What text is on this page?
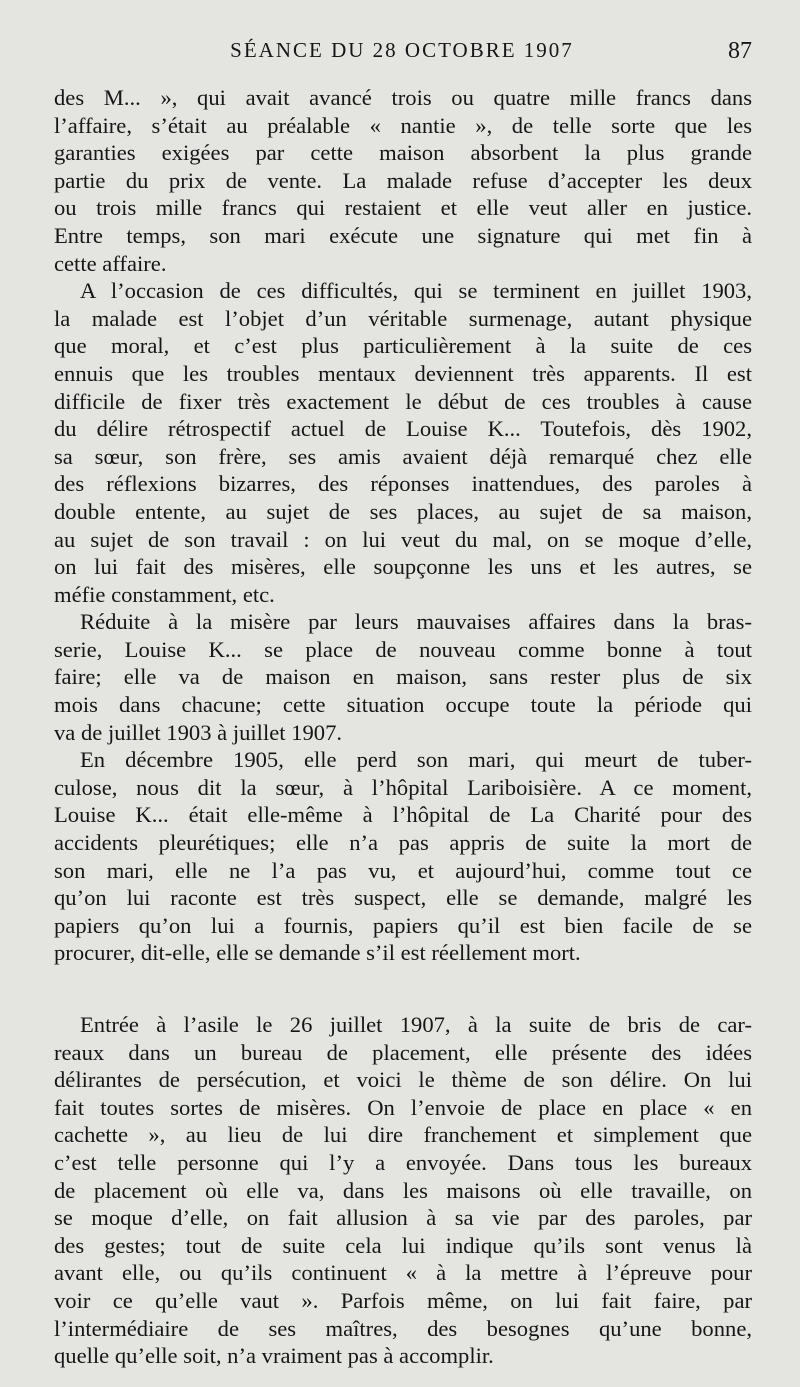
SÉANCE DU 28 OCTOBRE 1907	87

des M... », qui avait avancé trois ou quatre mille francs dans
l’affaire, s’était au préalable « nantie », de telle sorte que les
garanties exigées par cette maison absorbent la plus grande
partie du prix de vente. La malade refuse d’accepter les deux
ou trois mille francs qui restaient et elle veut aller en justice.
Entre temps, son mari exécute une signature qui met fin à
cette affaire.

A l’occasion de ces difficultés, qui se terminent en juillet 1903,
la malade est l’objet d’un véritable surmenage, autant physique
que moral, et c’est plus particulièrement à la suite de ces
ennuis que les troubles mentaux deviennent très apparents. Il est
difficile de fixer très exactement le début de ces troubles à cause
du délire rétrospectif actuel de Louise K... Toutefois, dès 1902,
sa sœur, son frère, ses amis avaient déjà remarqué chez elle
des réflexions bizarres, des réponses inattendues, des paroles à
double entente, au sujet de ses places, au sujet de sa maison,
au sujet de son travail : on lui veut du mal, on se moque d’elle,
on lui fait des misères, elle soupçonne les uns et les autres, se
méfie constamment, etc.

Réduite à la misère par leurs mauvaises affaires dans la bras-
serie, Louise K... se place de nouveau comme bonne à tout
faire; elle va de maison en maison, sans rester plus de six
mois dans chacune; cette situation occupe toute la période qui
va de juillet 1903 à juillet 1907.

En décembre 1905, elle perd son mari, qui meurt de tuber-
culose, nous dit la sœur, à l’hôpital Lariboisière. A ce moment,
Louise K... était elle-même à l’hôpital de La Charité pour des
accidents pleurétiques; elle n’a pas appris de suite la mort de
son mari, elle ne l’a pas vu, et aujourd’hui, comme tout ce
qu’on lui raconte est très suspect, elle se demande, malgré les
papiers qu’on lui a fournis, papiers qu’il est bien facile de se
procurer, dit-elle, elle se demande s’il est réellement mort.

Entrée à l’asile le 26 juillet 1907, à la suite de bris de car-
reaux dans un bureau de placement, elle présente des idées
délirantes de persécution, et voici le thème de son délire. On lui
fait toutes sortes de misères. On l’envoie de place en place « en
cachette », au lieu de lui dire franchement et simplement que
c’est telle personne qui l’y a envoyée. Dans tous les bureaux
de placement où elle va, dans les maisons où elle travaille, on
se moque d’elle, on fait allusion à sa vie par des paroles, par
des gestes; tout de suite cela lui indique qu’ils sont venus là
avant elle, ou qu’ils continuent « à la mettre à l’épreuve pour
voir ce qu’elle vaut ». Parfois même, on lui fait faire, par
l’intermédiaire de ses maîtres, des besognes qu’une bonne,
quelle qu’elle soit, n’a vraiment pas à accomplir.
